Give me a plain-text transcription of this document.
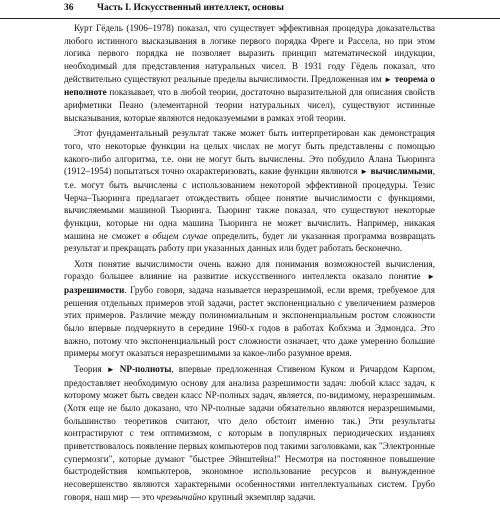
36 Часть I. Искусственный интеллект, основы

Курт Гёдель (1906–1978) показал, что существует эффективная процедура доказательства любого истинного высказывания в логике первого порядка Фреге и Рассела, но при этом логика первого порядка не позволяет выразить принцип математической индукции, необходимый для представления натуральных чисел. В 1931 году Гёдель показал, что действительно существуют реальные пределы вычислимости. Предложенная им ► теорема о неполноте показывает, что в любой теории, достаточно выразительной для описания свойств арифметики Пеано (элементарной теории натуральных чисел), существуют истинные высказывания, которые являются недоказуемыми в рамках этой теории.

Этот фундаментальный результат также может быть интерпретирован как демонстрация того, что некоторые функции на целых числах не могут быть представлены с помощью какого-либо алгоритма, т.е. они не могут быть вычислены. Это побудило Алана Тьюринга (1912–1954) попытаться точно охарактеризовать, какие функции являются ► вычислимыми, т.е. могут быть вычислены с использованием некоторой эффективной процедуры. Тезис Черча–Тьюринга предлагает отождествить общее понятие вычислимости с функциями, вычисляемыми машиной Тьюринга. Тьюринг также показал, что существуют некоторые функции, которые ни одна машина Тьюринга не может вычислить. Например, никакая машина не сможет в общем случае определить, будет ли указанная программа возвращать результат и прекращать работу при указанных данных или будет работать бесконечно.

Хотя понятие вычислимости очень важно для понимания возможностей вычисления, гораздо большее влияние на развитие искусственного интеллекта оказало понятие ► разрешимости. Грубо говоря, задача называется неразрешимой, если время, требуемое для решения отдельных примеров этой задачи, растет экспоненциально с увеличением размеров этих примеров. Различие между полиномиальным и экспоненциальным ростом сложности было впервые подчеркнуто в середине 1960-х годов в работах Кобхэма и Эдмондса. Это важно, потому что экспоненциальный рост сложности означает, что даже умеренно большие примеры могут оказаться неразрешимыми за какое-либо разумное время.

Теория ► NP-полноты, впервые предложенная Стивеном Куком и Ричардом Карпом, предоставляет необходимую основу для анализа разрешимости задач: любой класс задач, к которому может быть сведен класс NP-полных задач, является, по-видимому, неразрешимым. (Хотя еще не было доказано, что NP-полные задачи обязательно являются неразрешимыми, большинство теоретиков считают, что дело обстоит именно так.) Эти результаты контрастируют с тем оптимизмом, с которым в популярных периодических изданиях приветствовалось появление первых компьютеров под такими заголовками, как "Электронные супермозги", которые думают "быстрее Эйнштейна!" Несмотря на постоянное повышение быстродействия компьютеров, экономное использование ресурсов и вынужденное несовершенство являются характерными особенностями интеллектуальных систем. Грубо говоря, наш мир — это чрезвычайно крупный экземпляр задачи.
